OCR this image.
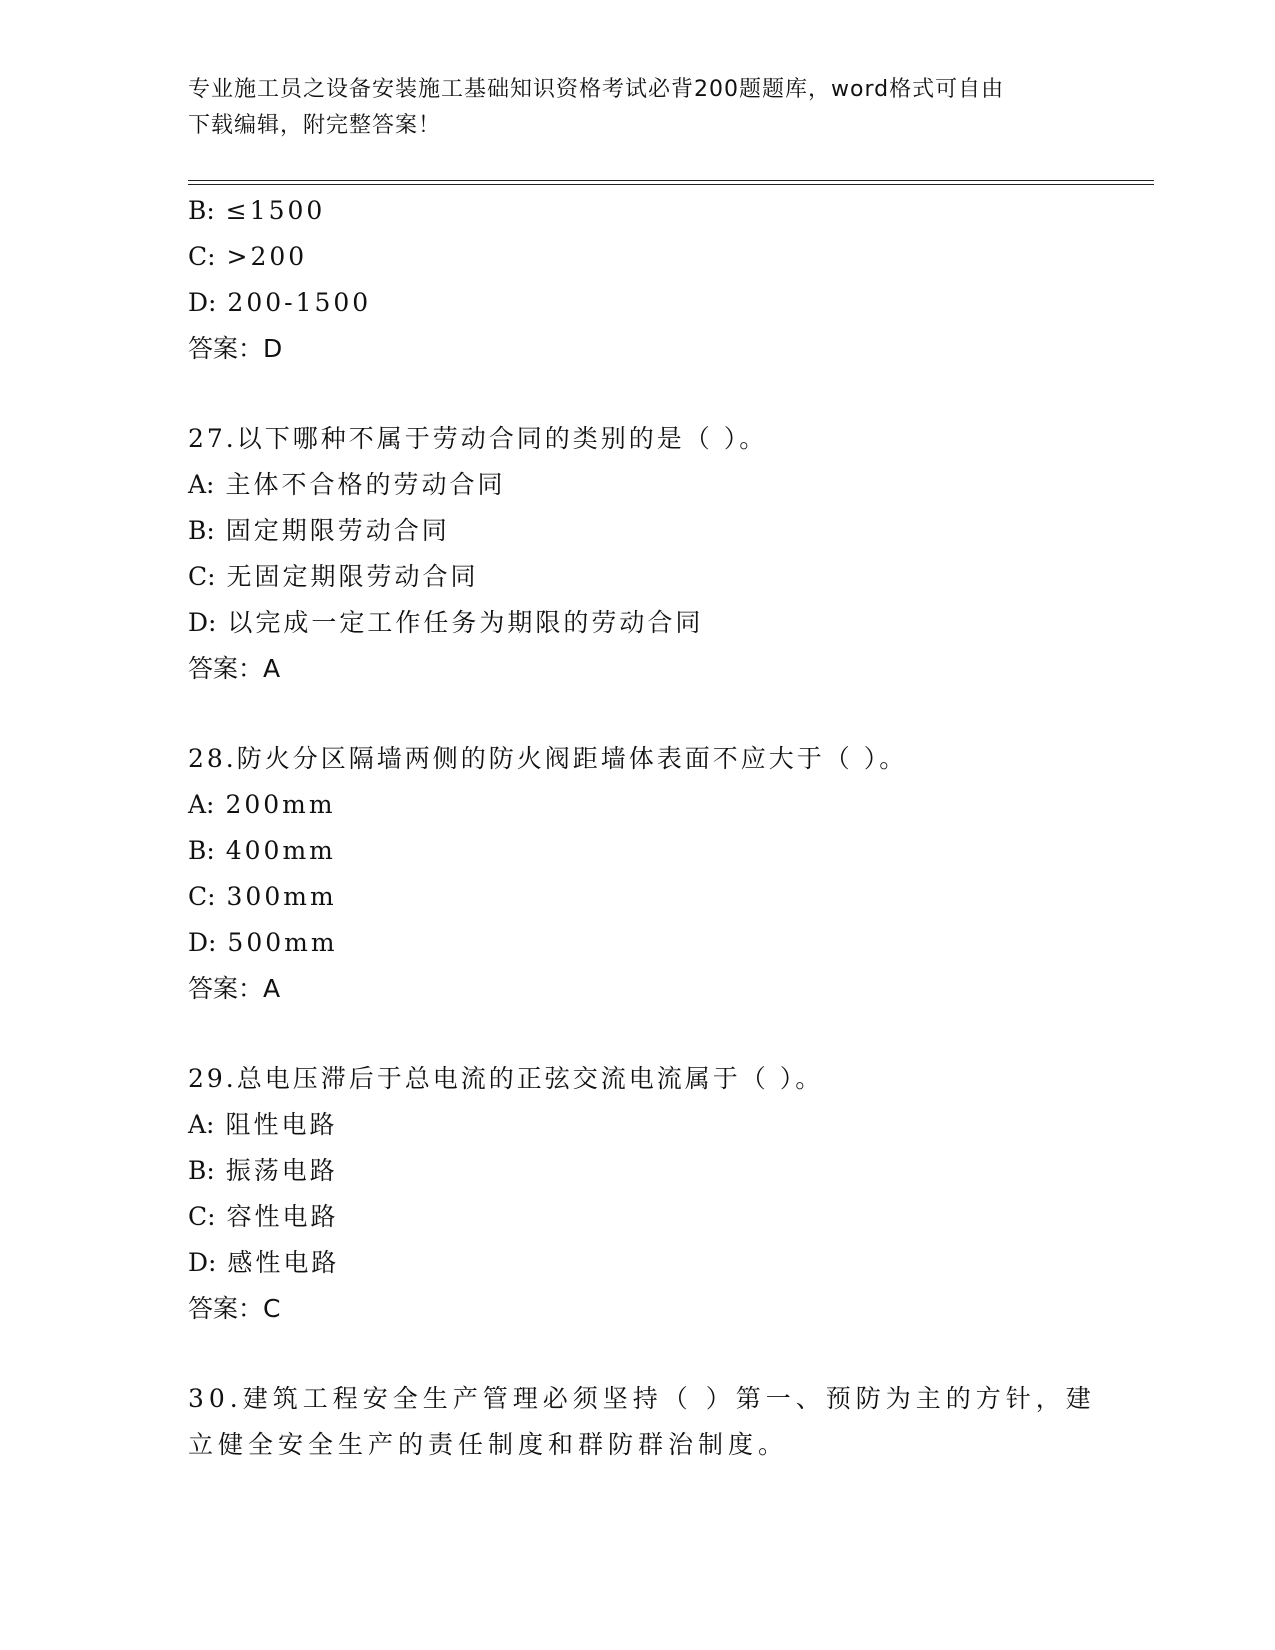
专业施工员之设备安装施工基础知识资格考试必背200题题库，word格式可自由
下载编辑，附完整答案！
B: ≤1500
C: >200
D: 200-1500
答案：D
27.以下哪种不属于劳动合同的类别的是（ ）。
A: 主体不合格的劳动合同
B: 固定期限劳动合同
C: 无固定期限劳动合同
D: 以完成一定工作任务为期限的劳动合同
答案：A
28.防火分区隔墙两侧的防火阀距墙体表面不应大于（ ）。
A: 200mm
B: 400mm
C: 300mm
D: 500mm
答案：A
29.总电压滞后于总电流的正弦交流电流属于（ ）。
A: 阻性电路
B: 振荡电路
C: 容性电路
D: 感性电路
答案：C
30.建筑工程安全生产管理必须坚持（ ）第一、预防为主的方针，建
立健全安全生产的责任制度和群防群治制度。
